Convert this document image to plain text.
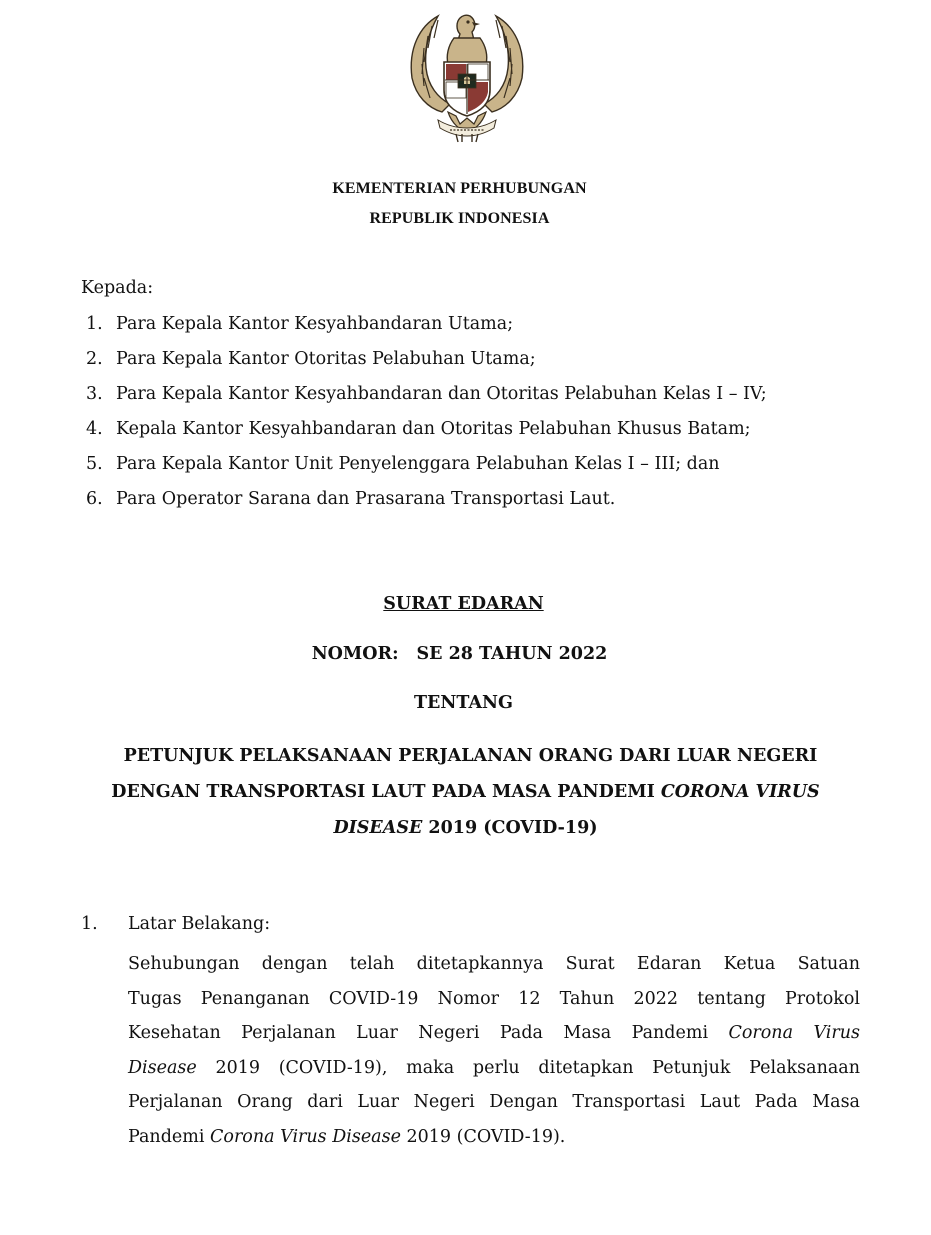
KEMENTERIAN PERHUBUNGAN
REPUBLIK INDONESIA
Kepada:
1. Para Kepala Kantor Kesyahbandaran Utama;
2. Para Kepala Kantor Otoritas Pelabuhan Utama;
3. Para Kepala Kantor Kesyahbandaran dan Otoritas Pelabuhan Kelas I – IV;
4. Kepala Kantor Kesyahbandaran dan Otoritas Pelabuhan Khusus Batam;
5. Para Kepala Kantor Unit Penyelenggara Pelabuhan Kelas I – III; dan
6. Para Operator Sarana dan Prasarana Transportasi Laut.
SURAT EDARAN
NOMOR: SE 28 TAHUN 2022
TENTANG
PETUNJUK PELAKSANAAN PERJALANAN ORANG DARI LUAR NEGERI
DENGAN TRANSPORTASI LAUT PADA MASA PANDEMI CORONA VIRUS
DISEASE 2019 (COVID-19)
1. Latar Belakang:
Sehubungan dengan telah ditetapkannya Surat Edaran Ketua Satuan
Tugas Penanganan COVID-19 Nomor 12 Tahun 2022 tentang Protokol
Kesehatan Perjalanan Luar Negeri Pada Masa Pandemi Corona Virus
Disease 2019 (COVID-19), maka perlu ditetapkan Petunjuk Pelaksanaan
Perjalanan Orang dari Luar Negeri Dengan Transportasi Laut Pada Masa
Pandemi Corona Virus Disease 2019 (COVID-19).
